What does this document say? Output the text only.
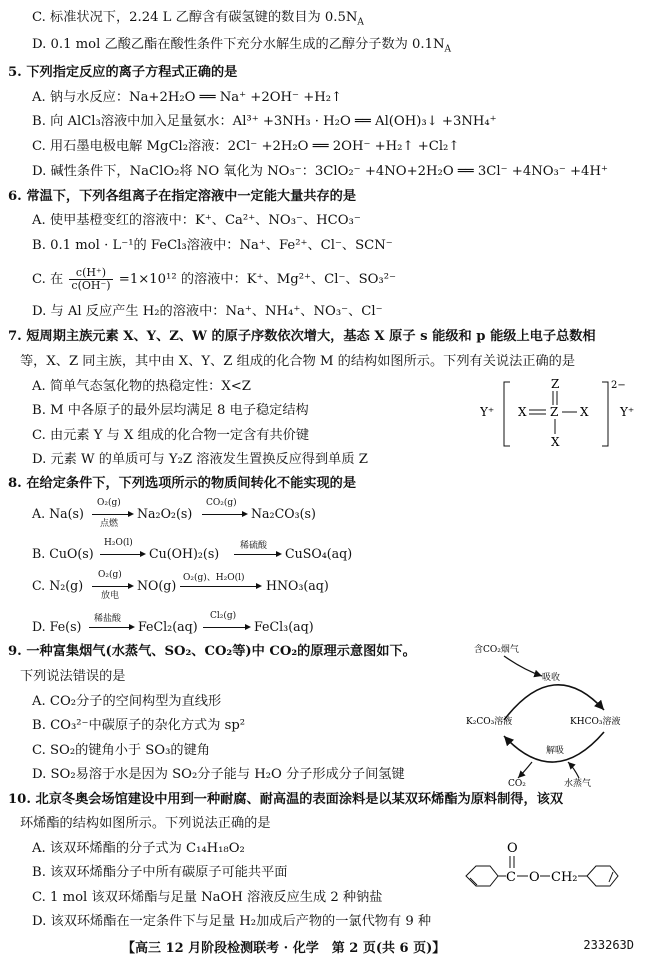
C. 标准状况下，2.24 L 乙醇含有碳氢键的数目为 $0.5N_A$
D. 0.1 mol 乙酸乙酯在酸性条件下充分水解生成的乙醇分子数为 $0.1N_A$
5. 下列指定反应的离子方程式正确的是
A. 钠与水反应：Na+2H₂O ══ Na⁺ +2OH⁻ +H₂↑
B. 向 AlCl₃溶液中加入足量氨水：Al³⁺ +3NH₃ · H₂O ══ Al(OH)₃↓ +3NH₄⁺
C. 用石墨电极电解 MgCl₂溶液：2Cl⁻ +2H₂O ══ 2OH⁻ +H₂↑ +Cl₂↑
D. 碱性条件下，NaClO₂将 NO 氧化为 NO₃⁻：3ClO₂⁻ +4NO+2H₂O ══ 3Cl⁻ +4NO₃⁻ +4H⁺
6. 常温下，下列各组离子在指定溶液中一定能大量共存的是
A. 使甲基橙变红的溶液中：K⁺、Ca²⁺、NO₃⁻、HCO₃⁻
B. 0.1 mol · L⁻¹的 FeCl₃溶液中：Na⁺、Fe²⁺、Cl⁻、SCN⁻
C. 在 $\frac{c(H^+)}{c(OH^-)} =1\times 10^{12}$ 的溶液中：K⁺、Mg²⁺、Cl⁻、SO₃²⁻
D. 与 Al 反应产生 H₂的溶液中：Na⁺、NH₄⁺、NO₃⁻、Cl⁻
7. 短周期主族元素 X、Y、Z、W 的原子序数依次增大，基态 X 原子 s 能级和 p 能级上电子总数相
等，X、Z 同主族，其中由 X、Y、Z 组成的化合物 M 的结构如图所示。下列有关说法正确的是
A. 简单气态氢化物的热稳定性：X<Z
B. M 中各原子的最外层均满足 8 电子稳定结构
C. 由元素 Y 与 X 组成的化合物一定含有共价键
D. 元素 W 的单质可与 Y₂Z 溶液发生置换反应得到单质 Z
Y⁺
2−
Z
X Z X
X
Y⁺
8. 在给定条件下，下列选项所示的物质间转化不能实现的是
A. Na(s)
O₂(g)
点燃
Na₂O₂(s)
CO₂(g)
Na₂CO₃(s)
B. CuO(s)
H₂O(l)
Cu(OH)₂(s) 稀硫酸 CuSO₄(aq)
C. N₂(g)
O₂(g)
放电
NO(g) O₂(g)、H₂O(l) HNO₃(aq)
D. Fe(s) 稀盐酸 FeCl₂(aq)
Cl₂(g)
FeCl₃(aq)
9. 一种富集烟气(水蒸气、SO₂、CO₂等)中 CO₂的原理示意图如下。
下列说法错误的是
A. CO₂分子的空间构型为直线形
B. CO₃²⁻中碳原子的杂化方式为 sp²
C. SO₂的键角小于 SO₃的键角
D. SO₂易溶于水是因为 SO₂分子能与 H₂O 分子形成分子间氢键
含CO₂烟气
吸收
K₂CO₃溶液	KHCO₃溶液
解吸
CO₂	水蒸气
10. 北京冬奥会场馆建设中用到一种耐腐、耐高温的表面涂料是以某双环烯酯为原料制得，该双
环烯酯的结构如图所示。下列说法正确的是
A. 该双环烯酯的分子式为 C₁₄H₁₈O₂
B. 该双环烯酯分子中所有碳原子可能共平面
C. 1 mol 该双环烯酯与足量 NaOH 溶液反应生成 2 种钠盐
D. 该双环烯酯在一定条件下与足量 H₂加成后产物的一氯代物有 9 种
C
O
O CH₂
【高三 12 月阶段检测联考 · 化学　第 2 页(共 6 页)】	233263D
